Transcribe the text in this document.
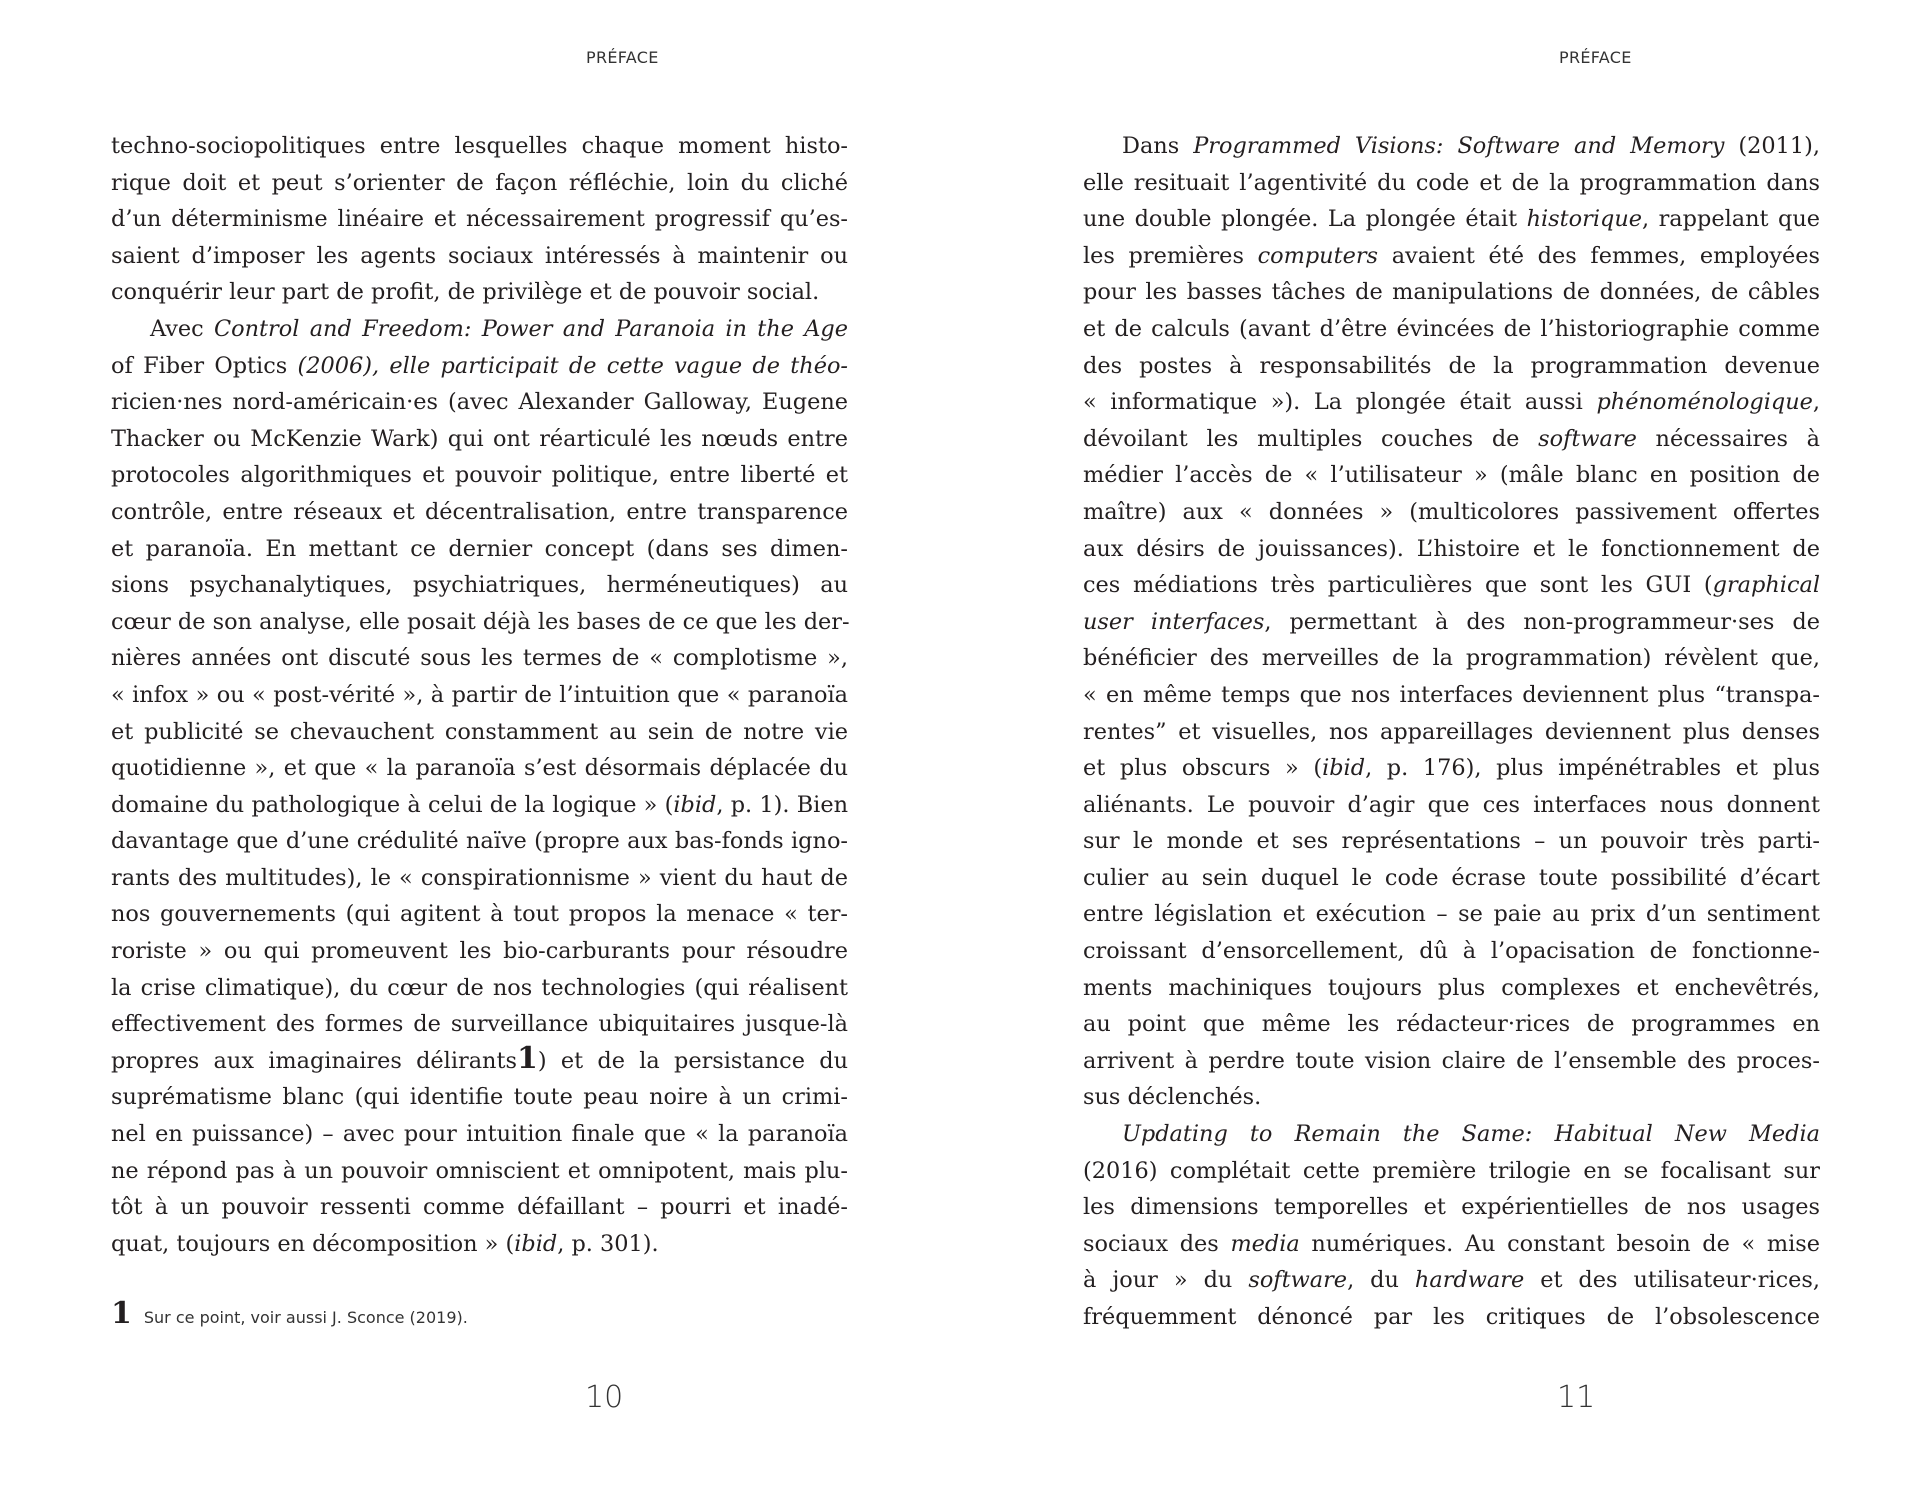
PRÉFACE
techno-sociopolitiques entre lesquelles chaque moment histo-
rique doit et peut s’orienter de façon réfléchie, loin du cliché
d’un déterminisme linéaire et nécessairement progressif qu’es-
saient d’imposer les agents sociaux intéressés à maintenir ou
conquérir leur part de profit, de privilège et de pouvoir social.
Avec Control and Freedom: Power and Paranoia in the Age
of Fiber Optics (2006), elle participait de cette vague de théo-
ricien·nes nord-américain·es (avec Alexander Galloway, Eugene
Thacker ou McKenzie Wark) qui ont réarticulé les nœuds entre
protocoles algorithmiques et pouvoir politique, entre liberté et
contrôle, entre réseaux et décentralisation, entre transparence
et paranoïa. En mettant ce dernier concept (dans ses dimen-
sions psychanalytiques, psychiatriques, herméneutiques) au
cœur de son analyse, elle posait déjà les bases de ce que les der-
nières années ont discuté sous les termes de « complotisme »,
« infox » ou « post-vérité », à partir de l’intuition que « paranoïa
et publicité se chevauchent constamment au sein de notre vie
quotidienne », et que « la paranoïa s’est désormais déplacée du
domaine du pathologique à celui de la logique » (ibid, p. 1). Bien
davantage que d’une crédulité naïve (propre aux bas-fonds igno-
rants des multitudes), le « conspirationnisme » vient du haut de
nos gouvernements (qui agitent à tout propos la menace « ter-
roriste » ou qui promeuvent les bio-carburants pour résoudre
la crise climatique), du cœur de nos technologies (qui réalisent
effectivement des formes de surveillance ubiquitaires jusque-là
propres aux imaginaires délirants1) et de la persistance du
suprématisme blanc (qui identifie toute peau noire à un crimi-
nel en puissance) – avec pour intuition finale que « la paranoïa
ne répond pas à un pouvoir omniscient et omnipotent, mais plu-
tôt à un pouvoir ressenti comme défaillant – pourri et inadé-
quat, toujours en décomposition » (ibid, p. 301).
1 Sur ce point, voir aussi J. Sconce (2019).
10
PRÉFACE
Dans Programmed Visions: Software and Memory (2011),
elle resituait l’agentivité du code et de la programmation dans
une double plongée. La plongée était historique, rappelant que
les premières computers avaient été des femmes, employées
pour les basses tâches de manipulations de données, de câbles
et de calculs (avant d’être évincées de l’historiographie comme
des postes à responsabilités de la programmation devenue
« informatique »). La plongée était aussi phénoménologique,
dévoilant les multiples couches de software nécessaires à
médier l’accès de « l’utilisateur » (mâle blanc en position de
maître) aux « données » (multicolores passivement offertes
aux désirs de jouissances). L’histoire et le fonctionnement de
ces médiations très particulières que sont les GUI (graphical
user interfaces, permettant à des non-programmeur·ses de
bénéficier des merveilles de la programmation) révèlent que,
« en même temps que nos interfaces deviennent plus “transpa-
rentes” et visuelles, nos appareillages deviennent plus denses
et plus obscurs » (ibid, p. 176), plus impénétrables et plus
aliénants. Le pouvoir d’agir que ces interfaces nous donnent
sur le monde et ses représentations – un pouvoir très parti-
culier au sein duquel le code écrase toute possibilité d’écart
entre législation et exécution – se paie au prix d’un sentiment
croissant d’ensorcellement, dû à l’opacisation de fonctionne-
ments machiniques toujours plus complexes et enchevêtrés,
au point que même les rédacteur·rices de programmes en
arrivent à perdre toute vision claire de l’ensemble des proces-
sus déclenchés.
Updating to Remain the Same: Habitual New Media
(2016) complétait cette première trilogie en se focalisant sur
les dimensions temporelles et expérientielles de nos usages
sociaux des media numériques. Au constant besoin de « mise
à jour » du software, du hardware et des utilisateur·rices,
fréquemment dénoncé par les critiques de l’obsolescence
11
